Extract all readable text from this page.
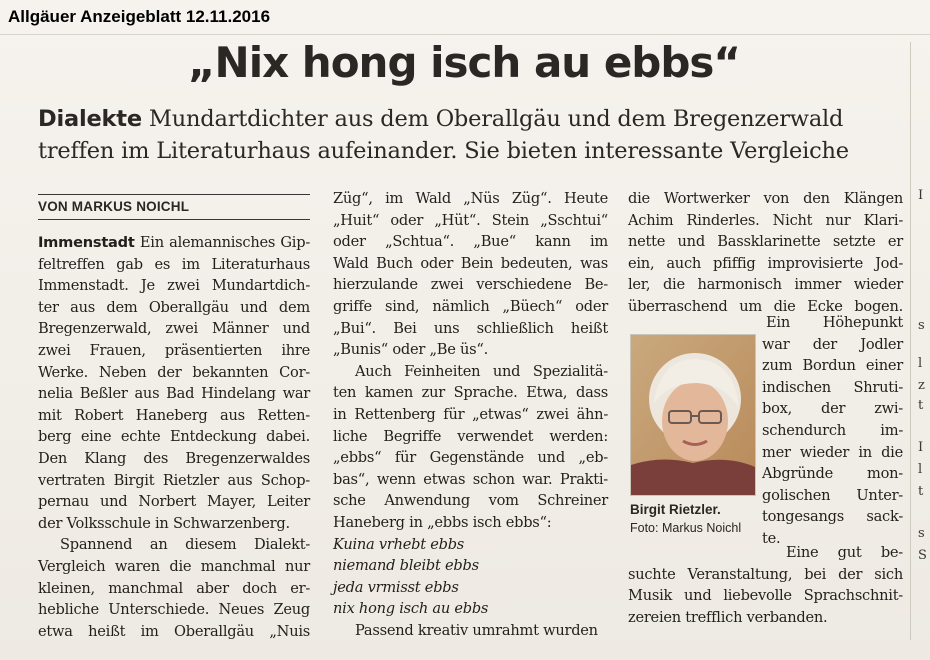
Allgäuer Anzeigeblatt 12.11.2016
„Nix hong isch au ebbs“
Dialekte Mundartdichter aus dem Oberallgäu und dem Bregenzerwald treffen im Literaturhaus aufeinander. Sie bieten interessante Vergleiche
VON MARKUS NOICHL
Immenstadt Ein alemannisches Gip-
feltreffen gab es im Literaturhaus
Immenstadt. Je zwei Mundartdich-
ter aus dem Oberallgäu und dem
Bregenzerwald, zwei Männer und
zwei Frauen, präsentierten ihre
Werke. Neben der bekannten Cor-
nelia Beßler aus Bad Hindelang war
mit Robert Haneberg aus Retten-
berg eine echte Entdeckung dabei.
Den Klang des Bregenzerwaldes
vertraten Birgit Rietzler aus Schop-
pernau und Norbert Mayer, Leiter
der Volksschule in Schwarzenberg.
Spannend an diesem Dialekt-
Vergleich waren die manchmal nur
kleinen, manchmal aber doch er-
hebliche Unterschiede. Neues Zeug
etwa heißt im Oberallgäu „Nuis
Züg“, im Wald „Nüs Züg“. Heute
„Huit“ oder „Hüt“. Stein „Sschtui“
oder „Schtua“. „Bue“ kann im
Wald Buch oder Bein bedeuten, was
hierzulande zwei verschiedene Be-
griffe sind, nämlich „Büech“ oder
„Bui“. Bei uns schließlich heißt
„Bunis“ oder „Be üs“.
Auch Feinheiten und Spezialitä-
ten kamen zur Sprache. Etwa, dass
in Rettenberg für „etwas“ zwei ähn-
liche Begriffe verwendet werden:
„ebbs“ für Gegenstände und „eb-
bas“, wenn etwas schon war. Prakti-
sche Anwendung vom Schreiner
Haneberg in „ebbs isch ebbs“:
Kuina vrhebt ebbs
niemand bleibt ebbs
jeda vrmisst ebbs
nix hong isch au ebbs
Passend kreativ umrahmt wurden
die Wortwerker von den Klängen
Achim Rinderles. Nicht nur Klari-
nette und Bassklarinette setzte er
ein, auch pfiffig improvisierte Jod-
ler, die harmonisch immer wieder
überraschend um die Ecke bogen.
Birgit Rietzler.
Foto: Markus Noichl
Ein Höhepunkt
war der Jodler
zum Bordun einer
indischen Shruti-
box, der zwi-
schendurch im-
mer wieder in die
Abgründe mon-
golischen Unter-
tongesangs sack-
te.
Eine gut be-
suchte Veranstaltung, bei der sich
Musik und liebevolle Sprachschnit-
zereien trefflich verbanden.
I
s
l
z
t
I
l
t
s
S
